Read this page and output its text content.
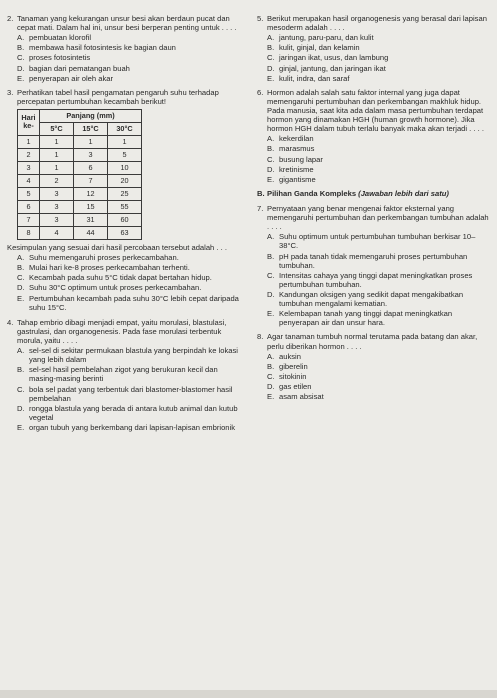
2. Tanaman yang kekurangan unsur besi akan berdaun pucat dan cepat mati. Dalam hal ini, unsur besi berperan penting untuk . . . .
A. pembuatan klorofil
B. membawa hasil fotosintesis ke bagian daun
C. proses fotosintetis
D. bagian dari pematangan buah
E. penyerapan air oleh akar
3. Perhatikan tabel hasil pengamatan pengaruh suhu terhadap percepatan pertumbuhan kecambah berikut!
Hari ke-	Panjang (mm)		
	5°C	15°C	30°C
1	1	1	1
2	1	3	5
3	1	6	10
4	2	7	20
5	3	12	25
6	3	15	55
7	3	31	60
8	4	44	63
Kesimpulan yang sesuai dari hasil percobaan tersebut adalah . . .
A. Suhu memengaruhi proses perkecambahan.
B. Mulai hari ke-8 proses perkecambahan terhenti.
C. Kecambah pada suhu 5°C tidak dapat bertahan hidup.
D. Suhu 30°C optimum untuk proses perkecambahan.
E. Pertumbuhan kecambah pada suhu 30°C lebih cepat daripada suhu 15°C.
4. Tahap embrio dibagi menjadi empat, yaitu morulasi, blastulasi, gastrulasi, dan organogenesis. Pada fase morulasi terbentuk morula, yaitu . . . .
A. sel-sel di sekitar permukaan blastula yang berpindah ke lokasi yang lebih dalam
B. sel-sel hasil pembelahan zigot yang berukuran kecil dan masing-masing berinti
C. bola sel padat yang terbentuk dari blastomer-blastomer hasil pembelahan
D. rongga blastula yang berada di antara kutub animal dan kutub vegetal
E. organ tubuh yang berkembang dari lapisan-lapisan embrionik
5. Berikut merupakan hasil organogenesis yang berasal dari lapisan mesoderm adalah . . . .
A. jantung, paru-paru, dan kulit
B. kulit, ginjal, dan kelamin
C. jaringan ikat, usus, dan lambung
D. ginjal, jantung, dan jaringan ikat
E. kulit, indra, dan saraf
6. Hormon adalah salah satu faktor internal yang juga dapat memengaruhi pertumbuhan dan perkembangan makhluk hidup. Pada manusia, saat kita ada dalam masa pertumbuhan terdapat hormon yang dinamakan HGH (human growth hormone). Jika hormon HGH dalam tubuh terlalu banyak maka akan terjadi . . . .
A. kekerdilan
B. marasmus
C. busung lapar
D. kretinisme
E. gigantisme
B. Pilihan Ganda Kompleks (Jawaban lebih dari satu)
7. Pernyataan yang benar mengenai faktor eksternal yang memengaruhi pertumbuhan dan perkembangan tumbuhan adalah . . . .
A. Suhu optimum untuk pertumbuhan tumbuhan berkisar 10–38°C.
B. pH pada tanah tidak memengaruhi proses pertumbuhan tumbuhan.
C. Intensitas cahaya yang tinggi dapat meningkatkan proses pertumbuhan tumbuhan.
D. Kandungan oksigen yang sedikit dapat mengakibatkan tumbuhan mengalami kematian.
E. Kelembapan tanah yang tinggi dapat meningkatkan penyerapan air dan unsur hara.
8. Agar tanaman tumbuh normal terutama pada batang dan akar, perlu diberikan hormon . . . .
A. auksin
B. giberelin
C. sitokinin
D. gas etilen
E. asam absisat
